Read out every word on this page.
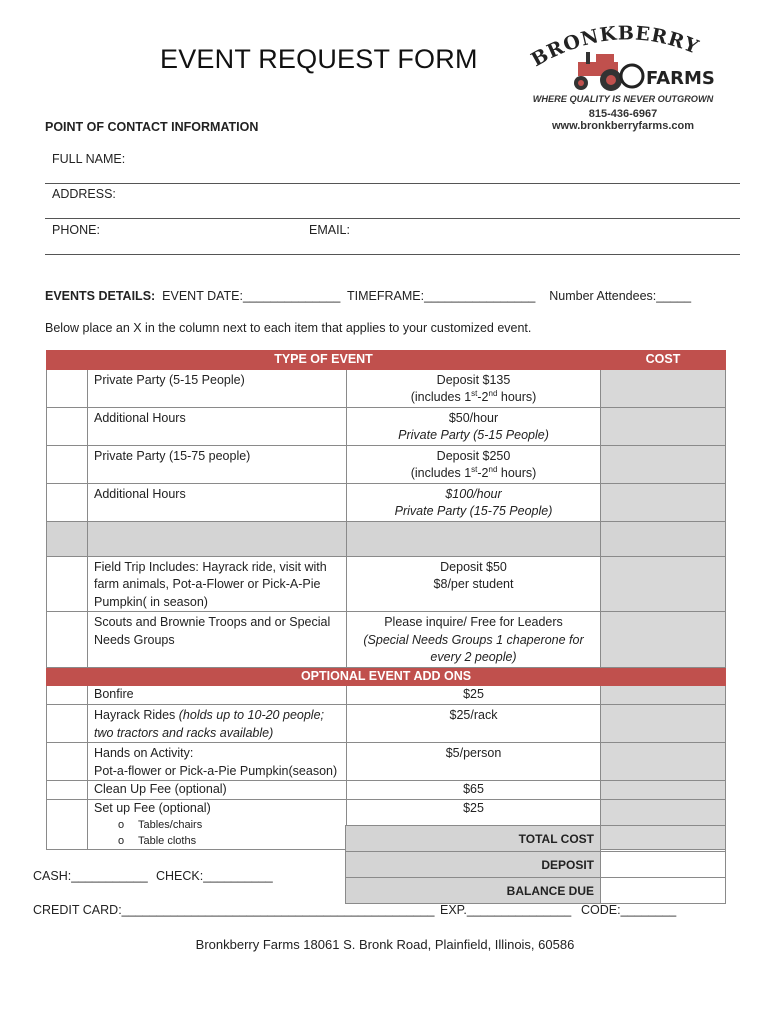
EVENT REQUEST FORM	BRONKBERRY
FARMS
WHERE QUALITY IS NEVER OUTGROWN
815-436-6967
www.bronkberryfarms.com
POINT OF CONTACT INFORMATION
FULL NAME:
ADDRESS:
PHONE:	EMAIL:
EVENTS DETAILS: EVENT DATE:______________ TIMEFRAME:________________ Number Attendees:_____
Below place an X in the column next to each item that applies to your customized event.
TYPE OF EVENT			COST
	Private Party (5-15 People)	Deposit $135
(includes 1st-2nd hours)	

	Additional Hours	$50/hour
Private Party (5-15 People)	

	Private Party (15-75 people)	Deposit $250
(includes 1st-2nd hours)	

	Additional Hours	$100/hour
Private Party (15-75 People)	

	Field Trip Includes: Hayrack ride, visit with farm animals, Pot-a-Flower or Pick-A-Pie Pumpkin( in season)	Deposit $50
$8/per student	

	Scouts and Brownie Troops and or Special Needs Groups	Please inquire/ Free for Leaders
(Special Needs Groups 1 chaperone for every 2 people)	

OPTIONAL EVENT ADD ONS			
	Bonfire	$25	
	Hayrack Rides (holds up to 10-20 people; two tractors and racks available)	$25/rack	

	Hands on Activity:
Pot-a-flower or Pick-a-Pie Pumpkin(season)	$5/person	
	Clean Up Fee (optional)	$65	

	Set up Fee (optional)
o Tables/chairs
o Table cloths	$25	
TOTAL COST	
DEPOSIT	
BALANCE DUE	
CASH:___________ CHECK:__________
CREDIT CARD:_____________________________________________ EXP._______________ CODE:________
Bronkberry Farms 18061 S. Bronk Road, Plainfield, Illinois, 60586
